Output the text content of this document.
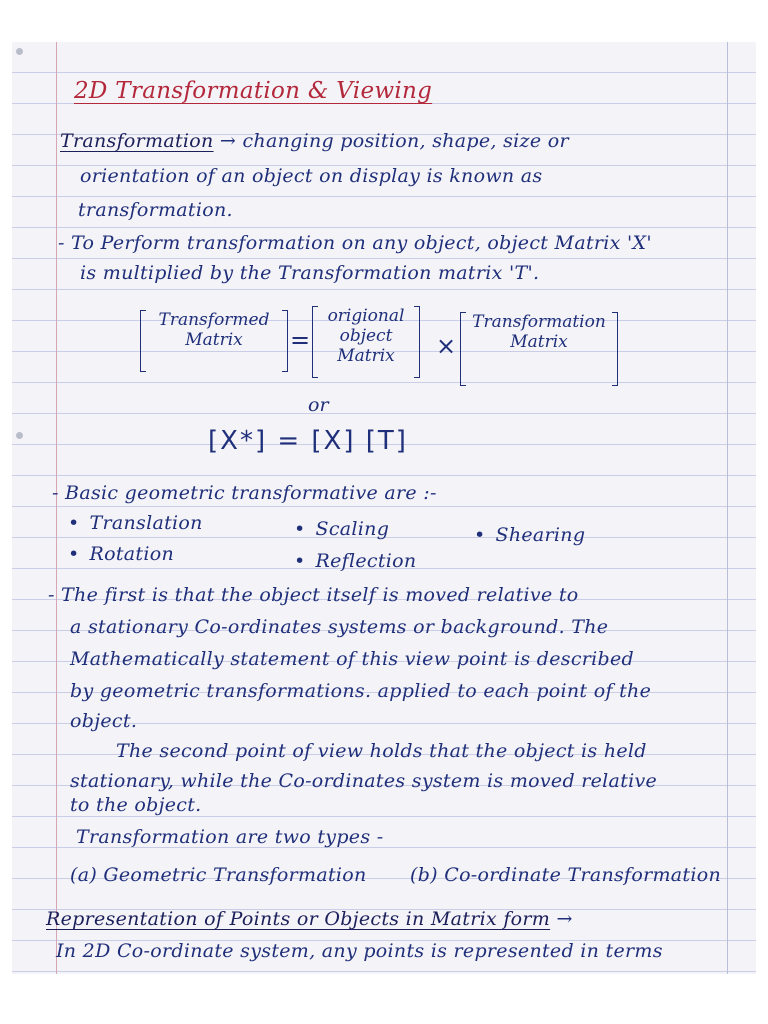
2D Transformation & Viewing
Transformation → changing position, shape, size or
orientation of an object on display is known as
transformation.
- To Perform transformation on any object, object Matrix 'X'
is multiplied by the Transformation matrix 'T'.
Transformed
Matrix	=
origional
object
Matrix	×
Transformation
Matrix
or
[X*] = [X] [T]
- Basic geometric transformative are :-
• Translation	• Scaling	• Shearing
• Rotation	• Reflection
- The first is that the object itself is moved relative to
a stationary Co-ordinates systems or background. The
Mathematically statement of this view point is described
by geometric transformations. applied to each point of the
object.
The second point of view holds that the object is held
stationary, while the Co-ordinates system is moved relative
to the object.
Transformation are two types -
(a) Geometric Transformation (b) Co-ordinate Transformation
Representation of Points or Objects in Matrix form →
In 2D Co-ordinate system, any points is represented in terms
